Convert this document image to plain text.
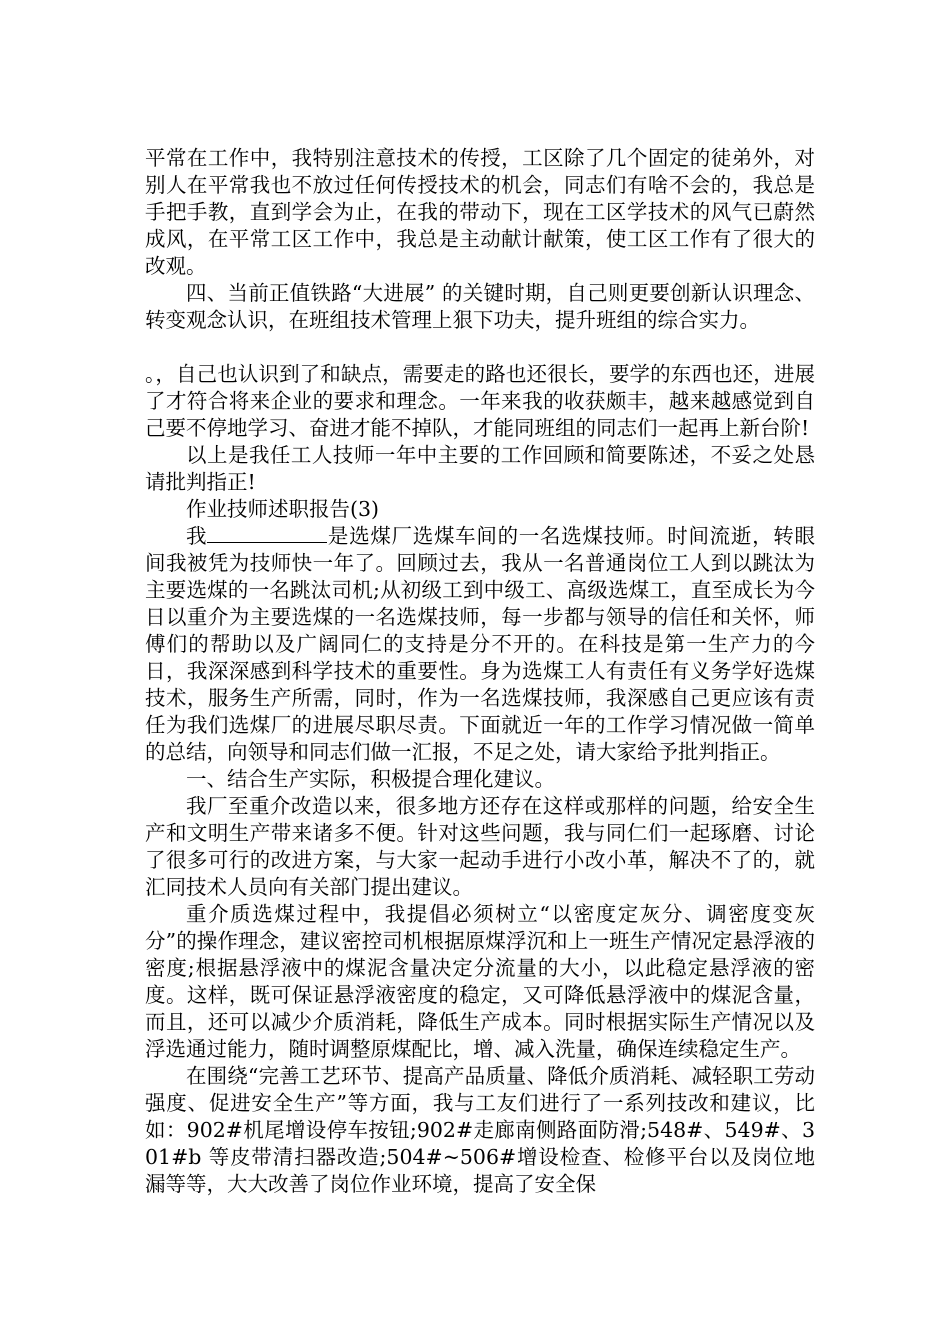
平常在工作中，我特别注意技术的传授，工区除了几个固定的徒弟外，对别人在平常我也不放过任何传授技术的机会，同志们有啥不会的，我总是手把手教，直到学会为止，在我的带动下，现在工区学技术的风气已蔚然成风，在平常工区工作中，我总是主动献计献策，使工区工作有了很大的改观。

四、当前正值铁路“大进展” 的关键时期，自己则更要创新认识理念、转变观念认识，在班组技术管理上狠下功夫，提升班组的综合实力。

。，自己也认识到了和缺点，需要走的路也还很长，要学的东西也还，进展了才符合将来企业的要求和理念。一年来我的收获颇丰，越来越感觉到自己要不停地学习、奋进才能不掉队，才能同班组的同志们一起再上新台阶!

以上是我任工人技师一年中主要的工作回顾和简要陈述，不妥之处恳请批判指正!

作业技师述职报告(3)

我	是选煤厂选煤车间的一名选煤技师。时间流逝，转眼间我被凭为技师快一年了。回顾过去，我从一名普通岗位工人到以跳汰为主要选煤的一名跳汰司机;从初级工到中级工、高级选煤工，直至成长为今日以重介为主要选煤的一名选煤技师，每一步都与领导的信任和关怀，师傅们的帮助以及广阔同仁的支持是分不开的。在科技是第一生产力的今日，我深深感到科学技术的重要性。身为选煤工人有责任有义务学好选煤技术，服务生产所需，同时，作为一名选煤技师，我深感自己更应该有责任为我们选煤厂的进展尽职尽责。下面就近一年的工作学习情况做一简单的总结，向领导和同志们做一汇报，不足之处，请大家给予批判指正。

一、结合生产实际，积极提合理化建议。

我厂至重介改造以来，很多地方还存在这样或那样的问题，给安全生产和文明生产带来诸多不便。针对这些问题，我与同仁们一起琢磨、讨论了很多可行的改进方案，与大家一起动手进行小改小革，解决不了的，就汇同技术人员向有关部门提出建议。

重介质选煤过程中，我提倡必须树立“以密度定灰分、调密度变灰分”的操作理念，建议密控司机根据原煤浮沉和上一班生产情况定悬浮液的密度;根据悬浮液中的煤泥含量决定分流量的大小，以此稳定悬浮液的密度。这样，既可保证悬浮液密度的稳定，又可降低悬浮液中的煤泥含量，而且，还可以减少介质消耗，降低生产成本。同时根据实际生产情况以及浮选通过能力，随时调整原煤配比，增、减入洗量，确保连续稳定生产。

在围绕“完善工艺环节、提高产品质量、降低介质消耗、减轻职工劳动强度、促进安全生产”等方面，我与工友们进行了一系列技改和建议，比如：902#机尾增设停车按钮;902#走廊南侧路面防滑;548#、549#、301#b 等皮带清扫器改造;504#~506#增设检查、检修平台以及岗位地漏等等，大大改善了岗位作业环境，提高了安全保
